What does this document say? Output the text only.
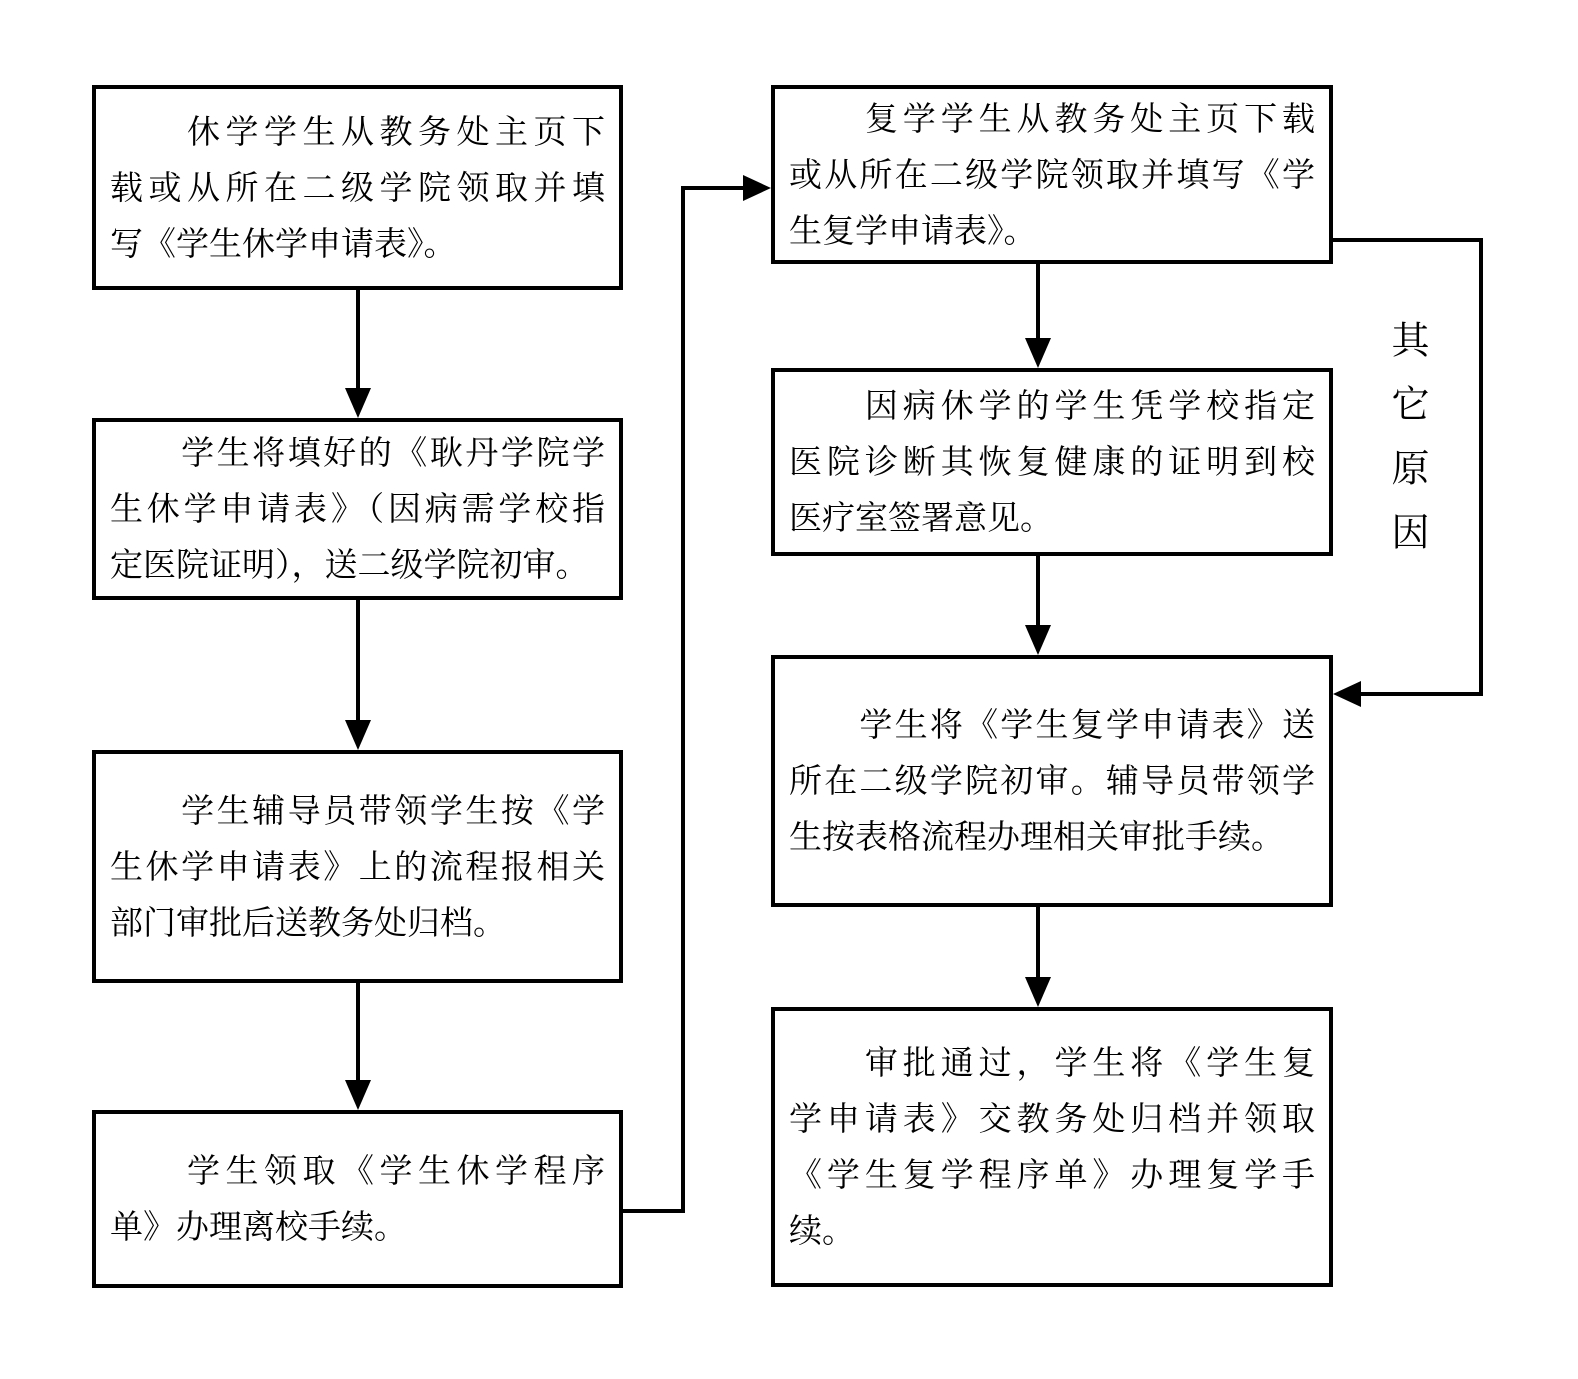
　　休学学生从教务处主页下
载或从所在二级学院领取并填
写《学生休学申请表》。
　　学生将填好的《耿丹学院学
生休学申请表》（因病需学校指
定医院证明），送二级学院初审。
　　学生辅导员带领学生按《学
生休学申请表》上的流程报相关
部门审批后送教务处归档。
　　学生领取《学生休学程序
单》办理离校手续。
　　复学学生从教务处主页下载
或从所在二级学院领取并填写《学
生复学申请表》。
　　因病休学的学生凭学校指定
医院诊断其恢复健康的证明到校
医疗室签署意见。
　　学生将《学生复学申请表》送
所在二级学院初审。辅导员带领学
生按表格流程办理相关审批手续。
　　审批通过，学生将《学生复
学申请表》交教务处归档并领取
《学生复学程序单》办理复学手
续。
其它原因
